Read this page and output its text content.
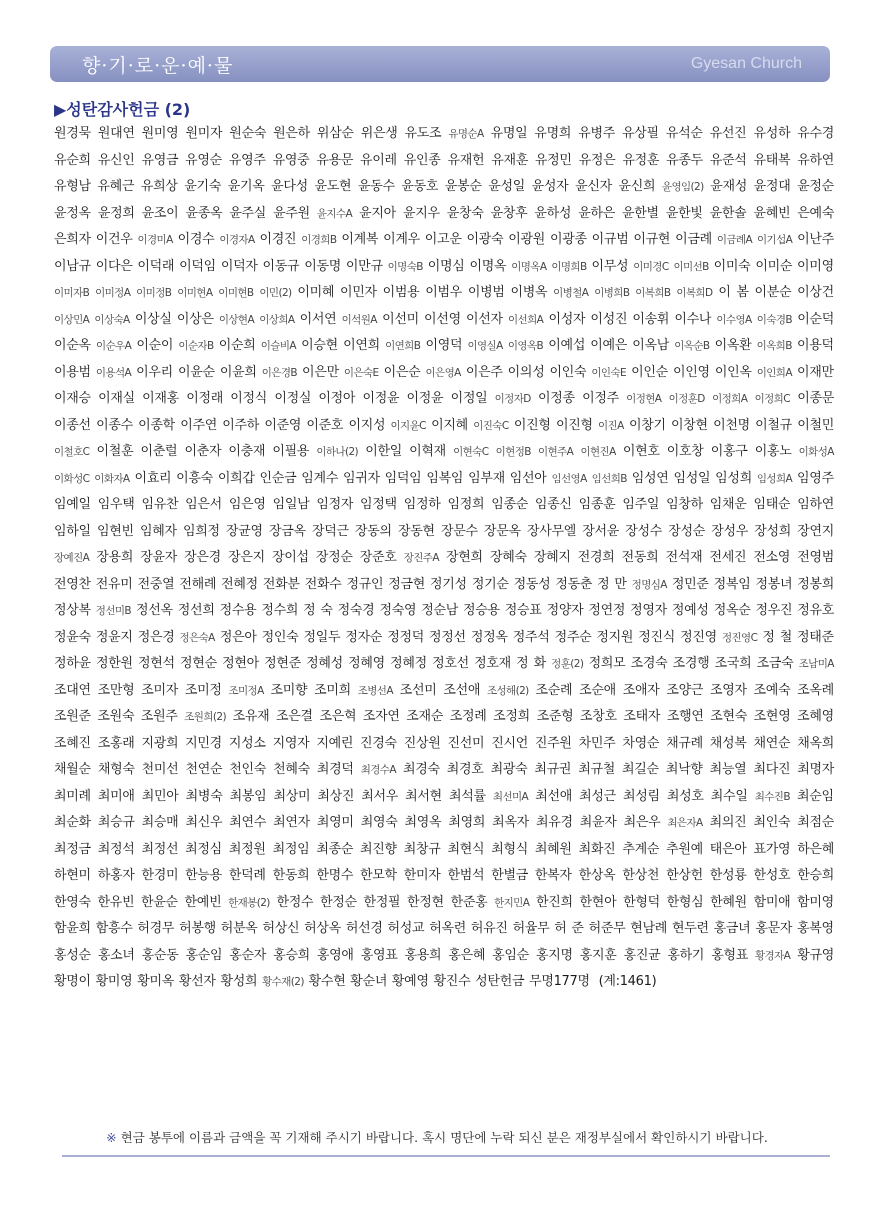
향·기·로·운·예·물	Gyesan Church
▶성탄감사헌금 (2)
원경묵 원대연 원미영 원미자 원순숙 원은하 위삼순 위은생 유도조 유명순A 유명일 유명희 유병주 유상필 유석순 유선진 유성하 유수경 유순희 유신인 유영금 유영순 유영주 유영중 유용문 유이레 유인종 유재헌 유재훈 유정민 유정은 유정훈 유종두 유준석 유태복 유하연 유형남 유혜근 유희상 윤기숙 윤기옥 윤다성 윤도현 윤동수 윤동호 윤봉순 윤성일 윤성자 윤신자 윤신희 윤영임(2) 윤재성 윤정대 윤정순 윤정옥 윤정희 윤조이 윤종옥 윤주실 윤주원 윤지수A 윤지아 윤지우 윤창숙 윤창후 윤하성 윤하은 윤한별 윤한빛 윤한솔 윤혜빈 은예숙 은희자 이건우 이경미A 이경수 이경자A 이경진 이경희B 이계복 이계우 이고운 이광숙 이광원 이광종 이규범 이규현 이금례 이금례A 이기섭A 이난주 이남규 이다은 이덕래 이덕임 이덕자 이동규 이동명 이만규 이명숙B 이명심 이명옥 이명옥A 이명희B 이무성 이미경C 이미선B 이미숙 이미순 이미영 이미자B 이미정A 이미정B 이미현A 이미현B 이민(2) 이미혜 이민자 이범용 이범우 이병범 이병옥 이병철A 이병희B 이복희B 이복희D 이 봄 이분순 이상건 이상민A 이상숙A 이상실 이상은 이상현A 이상희A 이서연 이석원A 이선미 이선영 이선자 이선희A 이성자 이성진 이송휘 이수나 이수영A 이숙경B 이순덕 이순옥 이순우A 이순이 이순자B 이순희 이슬비A 이승현 이연희 이연희B 이영덕 이영실A 이영옥B 이예섭 이예은 이옥남 이옥순B 이옥환 이옥희B 이용덕 이용범 이용석A 이우리 이윤순 이윤희 이은경B 이은만 이은숙E 이은순 이은영A 이은주 이의성 이인숙 이인숙E 이인순 이인영 이인옥 이인희A 이재만 이재승 이재실 이재홍 이정래 이정식 이정실 이정아 이정윤 이정윤 이정일 이정자D 이정종 이정주 이정현A 이정훈D 이정희A 이정희C 이종문 이종선 이종수 이종학 이주연 이주하 이준영 이준호 이지성 이지윤C 이지혜 이진숙C 이진형 이진형 이진A 이창기 이창현 이천명 이철규 이철민 이철호C 이철훈 이춘럴 이춘자 이충재 이필용 이하나(2) 이한일 이혁재 이현숙C 이현정B 이현주A 이현진A 이현호 이호창 이홍구 이홍노 이화성A 이화성C 이화자A 이효리 이흥숙 이희갑 인순금 임계수 임귀자 임덕임 임복임 임부재 임선아 임선영A 임선희B 임성연 임성일 임성희 임성희A 임영주 임예일 임우택 임유찬 임은서 임은영 임일남 임정자 임정택 임정하 임정희 임종순 임종신 임종훈 임주일 임창하 임채운 임태순 임하연 임하일 임현빈 임혜자 임희정 장균영 장금옥 장덕근 장동의 장동현 장문수 장문옥 장사무엘 장서윤 장성수 장성순 장성우 장성희 장연지 장예진A 장용희 장윤자 장은경 장은지 장이섭 장정순 장준호 장진주A 장현희 장혜숙 장혜지 전경희 전동희 전석재 전세진 전소영 전영범 전영찬 전유미 전중열 전해례 전혜정 전화분 전화수 정규인 정금현 정기성 정기순 정동성 정동춘 정 만 정명심A 정민준 정복임 정봉녀 정봉희 정상복 정선미B 정선옥 정선희 정수용 정수희 정 숙 정숙경 정숙영 정순남 정승용 정승표 정양자 정연정 정영자 정예성 정옥순 정우진 정유호 정윤숙 정윤지 정은경 정은숙A 정은아 정인숙 정일두 정자순 정정덕 정정선 정정옥 정주석 정주순 정지원 정진식 정진영 정진영C 정 철 정태준 정하윤 정한원 정현석 정현순 정현아 정현준 정혜성 정혜영 정혜정 정호선 정호재 정 화 정훈(2) 정희모 조경숙 조경행 조국희 조금숙 조남미A 조대연 조만형 조미자 조미정 조미정A 조미향 조미희 조병선A 조선미 조선애 조성해(2) 조순례 조순애 조애자 조양근 조영자 조예숙 조옥례 조원준 조원숙 조원주 조원희(2) 조유재 조은결 조은혁 조자연 조재순 조정례 조정희 조준형 조창호 조태자 조행연 조현숙 조현영 조혜영 조혜진 조홍래 지광희 지민경 지성소 지영자 지예린 진경숙 진상원 진선미 진시언 진주원 차민주 차영순 채규례 채성복 채연순 채옥희 채월순 채형숙 천미선 천연순 천인숙 천혜숙 최경덕 최경수A 최경숙 최경호 최광숙 최규권 최규철 최길순 최낙향 최능열 최다진 최명자 최미례 최미애 최민아 최병숙 최봉임 최상미 최상진 최서우 최서현 최석률 최선미A 최선애 최성근 최성림 최성호 최수일 최수진B 최순임 최순화 최승규 최승매 최신우 최연수 최연자 최영미 최영숙 최영옥 최영희 최옥자 최유경 최윤자 최은우 최은자A 최의진 최인숙 최점순 최정금 최정석 최정선 최정심 최정원 최정임 최종순 최진향 최창규 최현식 최형식 최혜원 최화진 추계순 추원예 태은아 표가영 하은혜 하현미 하홍자 한경미 한능용 한덕례 한동희 한명수 한모학 한미자 한범석 한별금 한복자 한상옥 한상천 한상헌 한성룡 한성호 한승희 한영숙 한유빈 한윤순 한예빈 한재봉(2) 한정수 한정순 한정필 한정현 한준홍 한지민A 한진희 한현아 한형덕 한형심 한혜원 함미애 함미영 함윤희 함흥수 허경무 허봉행 허분옥 허상신 허상옥 허선경 허성교 허옥련 허유진 허율무 허 준 허준무 현남례 현두련 홍금녀 홍문자 홍복영 홍성순 홍소녀 홍순동 홍순임 홍순자 홍승희 홍영애 홍영표 홍용희 홍은혜 홍임순 홍지명 홍지훈 홍진균 홍하기 홍형표 황경자A 황규영 황명이 황미영 황미옥 황선자 황성희 황수재(2) 황수현 황순녀 황예영 황진수 성탄헌금 무명177명 (계:1461)
※ 현금 봉투에 이름과 금액을 꼭 기재해 주시기 바랍니다. 혹시 명단에 누락 되신 분은 재정부실에서 확인하시기 바랍니다.
